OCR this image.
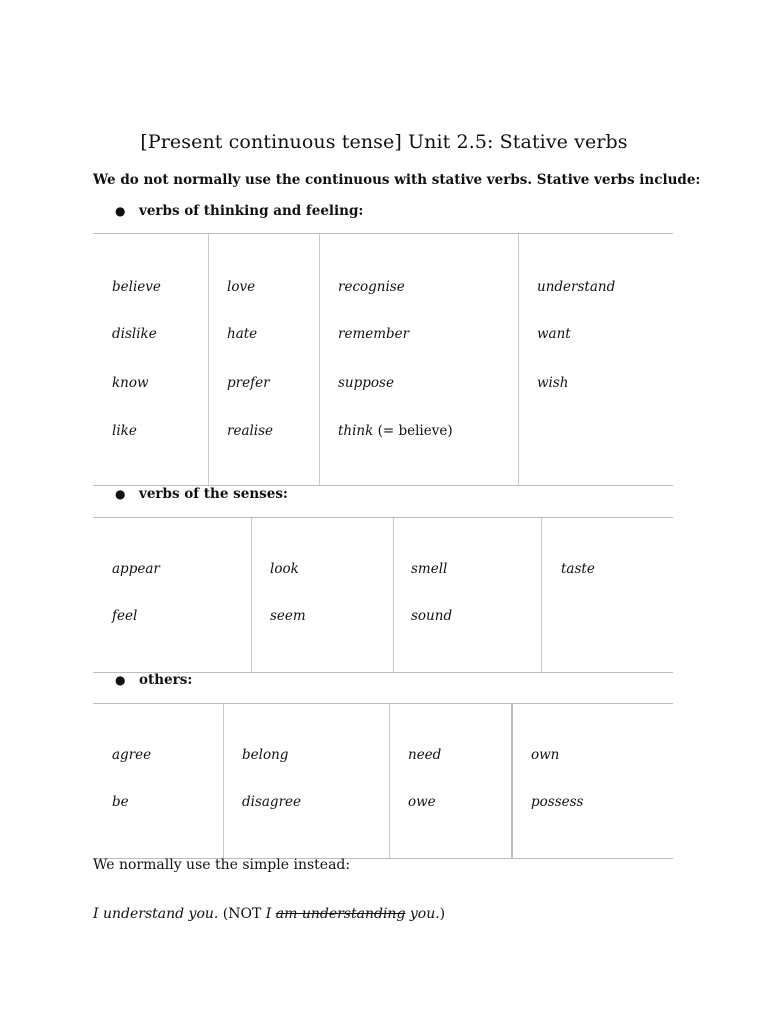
[Present continuous tense] Unit 2.5: Stative verbs

We do not normally use the continuous with stative verbs. Stative verbs include:

● verbs of thinking and feeling:

believe
dislike
know
like
love
hate
prefer
realise
recognise
remember
suppose
think (= believe)
understand
want
wish

● verbs of the senses:

appear
feel
look
seem
smell
sound
taste

● others:

agree
be
belong
disagree
need
owe
own
possess

We normally use the simple instead:

I understand you. (NOT I am understanding you.)
